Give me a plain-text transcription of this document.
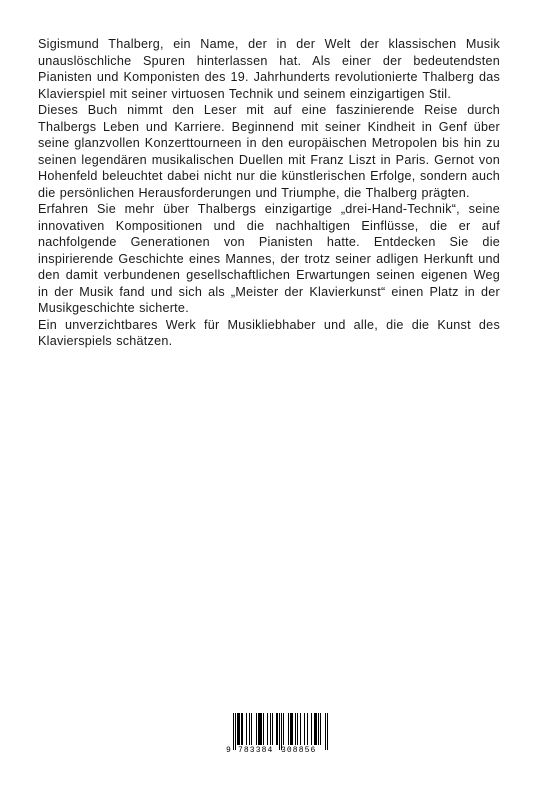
Sigismund Thalberg, ein Name, der in der Welt der klassischen Musik unauslöschliche Spuren hinterlassen hat. Als einer der bedeutendsten Pianisten und Komponisten des 19. Jahrhunderts revolutionierte Thalberg das Klavierspiel mit seiner virtuosen Technik und seinem einzigartigen Stil.

Dieses Buch nimmt den Leser mit auf eine faszinierende Reise durch Thalbergs Leben und Karriere. Beginnend mit seiner Kindheit in Genf über seine glanzvollen Konzerttourneen in den europäischen Metropolen bis hin zu seinen legendären musikalischen Duellen mit Franz Liszt in Paris. Gernot von Hohenfeld beleuchtet dabei nicht nur die künstlerischen Erfolge, sondern auch die persönlichen Herausforderungen und Triumphe, die Thalberg prägten.

Erfahren Sie mehr über Thalbergs einzigartige „drei-Hand-Technik“, seine innovativen Kompositionen und die nachhaltigen Einflüsse, die er auf nachfolgende Generationen von Pianisten hatte. Entdecken Sie die inspirierende Geschichte eines Mannes, der trotz seiner adligen Herkunft und den damit verbundenen gesellschaftlichen Erwartungen seinen eigenen Weg in der Musik fand und sich als „Meister der Klavierkunst“ einen Platz in der Musikgeschichte sicherte.

Ein unverzichtbares Werk für Musikliebhaber und alle, die die Kunst des Klavierspiels schätzen.

9 783384 308856
